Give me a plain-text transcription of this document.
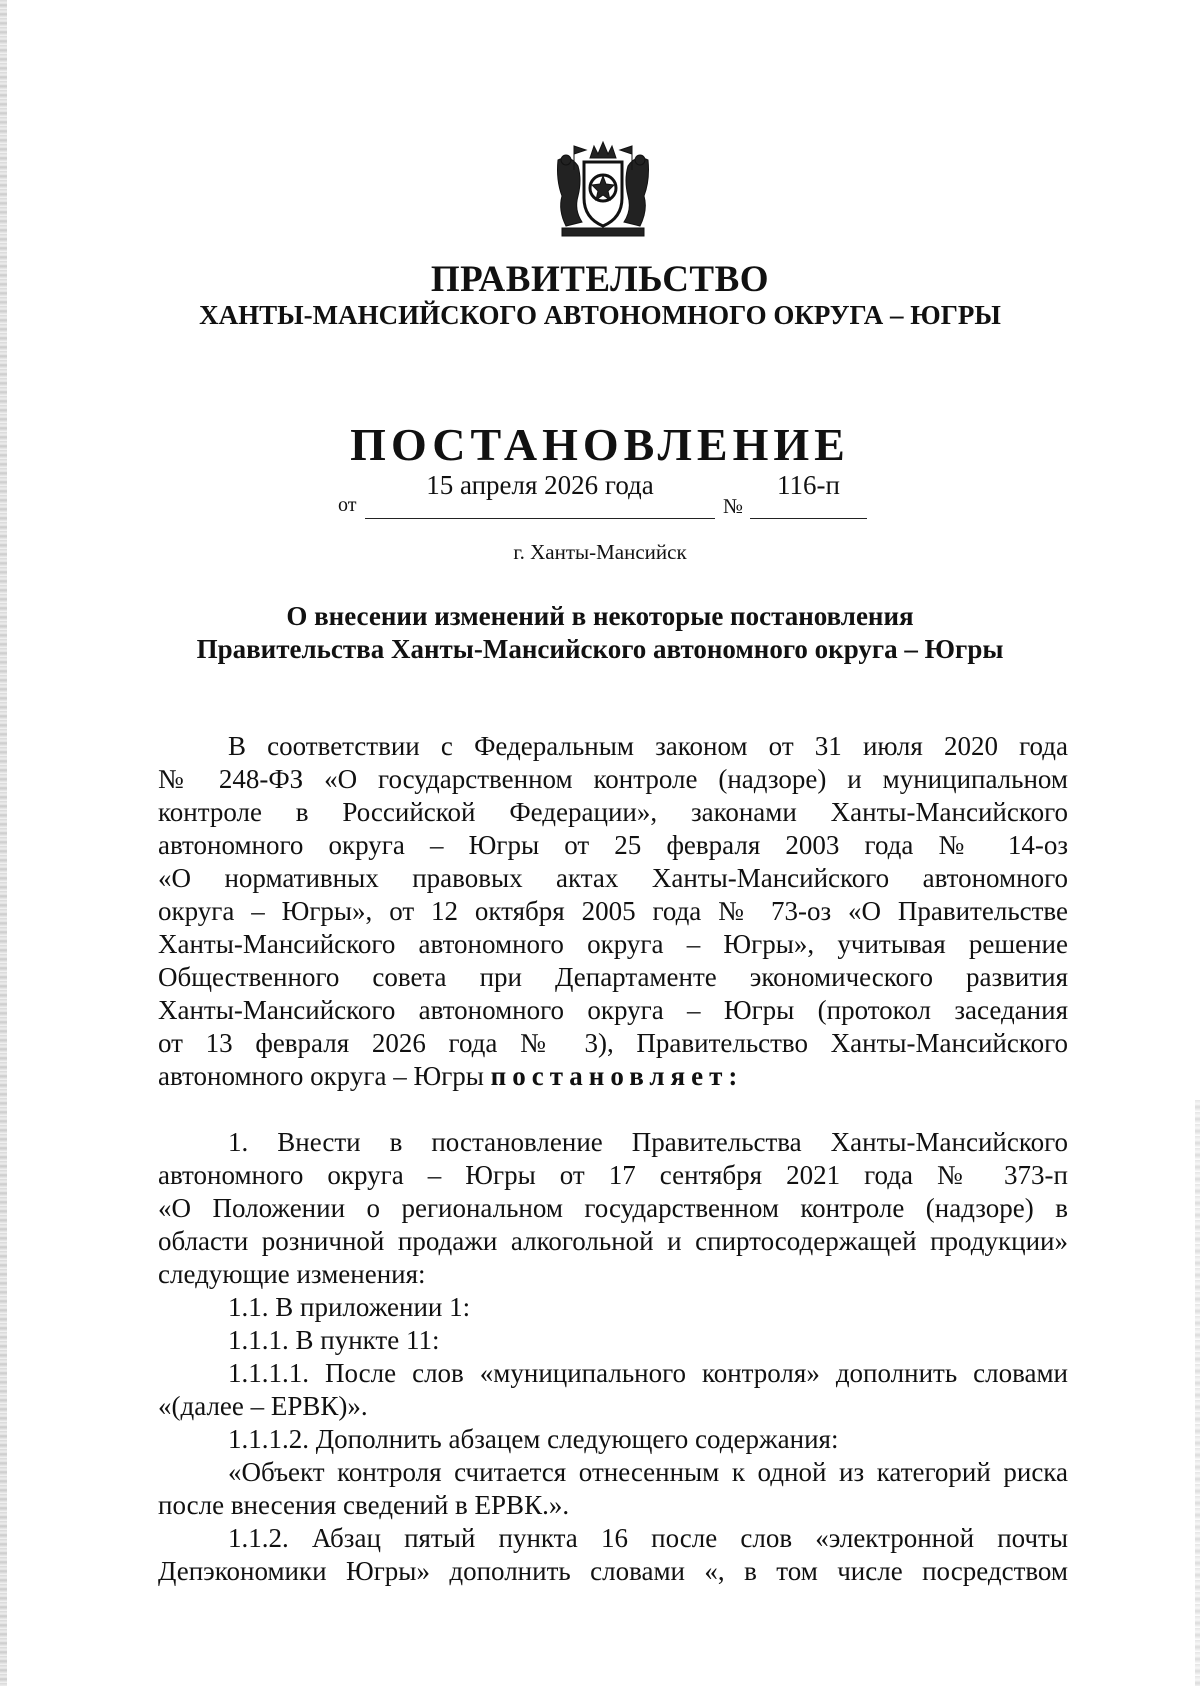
ПРАВИТЕЛЬСТВО
ХАНТЫ-МАНСИЙСКОГО АВТОНОМНОГО ОКРУГА – ЮГРЫ
ПОСТАНОВЛЕНИЕ
от
15 апреля 2026 года
№
116-п
г. Ханты-Мансийск
О внесении изменений в некоторые постановления
Правительства Ханты-Мансийского автономного округа – Югры
В соответствии с Федеральным законом от 31 июля 2020 года
№ 248-ФЗ «О государственном контроле (надзоре) и муниципальном
контроле в Российской Федерации», законами Ханты-Мансийского
автономного округа – Югры от 25 февраля 2003 года № 14-оз
«О нормативных правовых актах Ханты-Мансийского автономного
округа – Югры», от 12 октября 2005 года № 73-оз «О Правительстве
Ханты-Мансийского автономного округа – Югры», учитывая решение
Общественного совета при Департаменте экономического развития
Ханты-Мансийского автономного округа – Югры (протокол заседания
от 13 февраля 2026 года № 3), Правительство Ханты-Мансийского
автономного округа – Югры постановляет:
1. Внести в постановление Правительства Ханты-Мансийского
автономного округа – Югры от 17 сентября 2021 года № 373-п
«О Положении о региональном государственном контроле (надзоре) в
области розничной продажи алкогольной и спиртосодержащей продукции»
следующие изменения:
1.1. В приложении 1:
1.1.1. В пункте 11:
1.1.1.1. После слов «муниципального контроля» дополнить словами
«(далее – ЕРВК)».
1.1.1.2. Дополнить абзацем следующего содержания:
«Объект контроля считается отнесенным к одной из категорий риска
после внесения сведений в ЕРВК.».
1.1.2. Абзац пятый пункта 16 после слов «электронной почты
Депэкономики Югры» дополнить словами «, в том числе посредством
